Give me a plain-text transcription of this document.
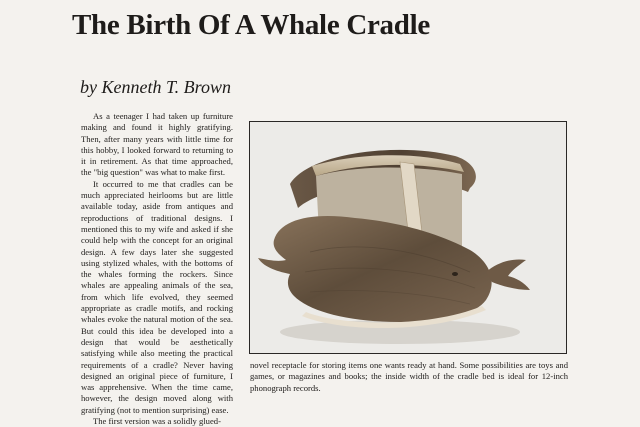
The Birth Of A Whale Cradle
by Kenneth T. Brown

As a teenager I had taken up furniture making and found it highly gratifying. Then, after many years with little time for this hobby, I looked forward to returning to it in retirement. As that time approached, the "big question" was what to make first.

It occurred to me that cradles can be much appreciated heirlooms but are little available today, aside from antiques and reproductions of traditional designs. I mentioned this to my wife and asked if she could help with the concept for an original design. A few days later she suggested using stylized whales, with the bottoms of the whales forming the rockers. Since whales are appealing animals of the sea, from which life evolved, they seemed appropriate as cradle motifs, and rocking whales evoke the natural motion of the sea. But could this idea be developed into a design that would be aesthetically satisfying while also meeting the practical requirements of a cradle? Never having designed an original piece of furniture, I was apprehensive. When the time came, however, the design moved along with gratifying (not to mention surprising) ease.

The first version was a solidly glued-

novel receptacle for storing items one wants ready at hand. Some possibilities are toys and games, or magazines and books; the inside width of the cradle bed is ideal for 12-inch phonograph records.
